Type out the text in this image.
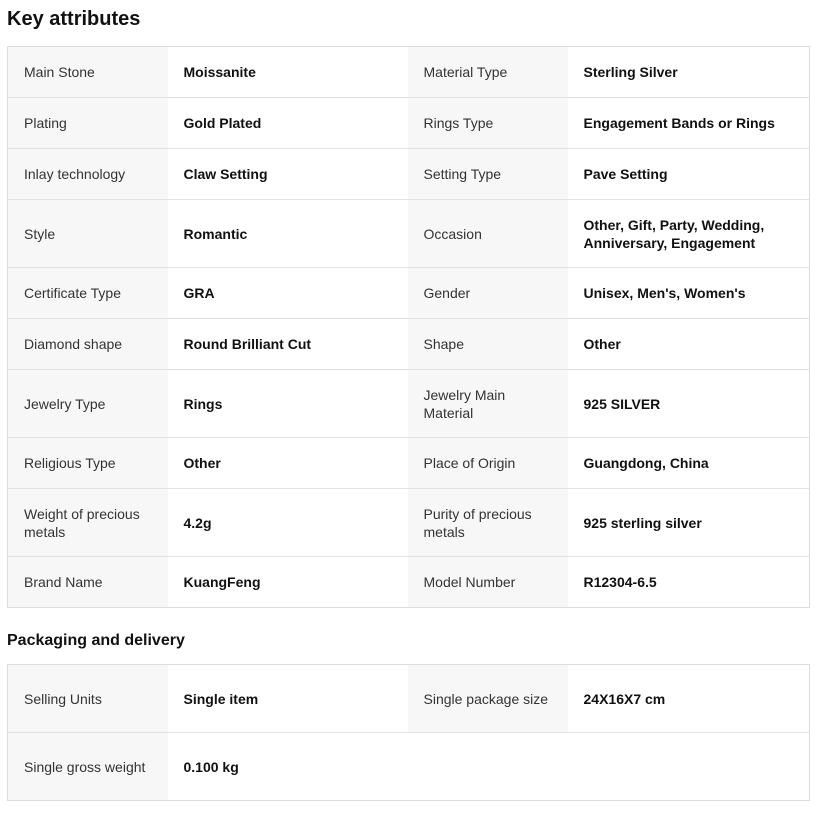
Key attributes
Main Stone	Moissanite	Material Type	Sterling Silver
Plating	Gold Plated	Rings Type	Engagement Bands or Rings
Inlay technology	Claw Setting	Setting Type	Pave Setting
Style	Romantic	Occasion	Other, Gift, Party, Wedding, Anniversary, Engagement
Certificate Type	GRA	Gender	Unisex, Men's, Women's
Diamond shape	Round Brilliant Cut	Shape	Other
Jewelry Type	Rings	Jewelry Main Material	925 SILVER
Religious Type	Other	Place of Origin	Guangdong, China
Weight of precious metals	4.2g	Purity of precious metals	925 sterling silver
Brand Name	KuangFeng	Model Number	R12304-6.5
Packaging and delivery
Selling Units	Single item	Single package size	24X16X7 cm
Single gross weight	0.100 kg		
